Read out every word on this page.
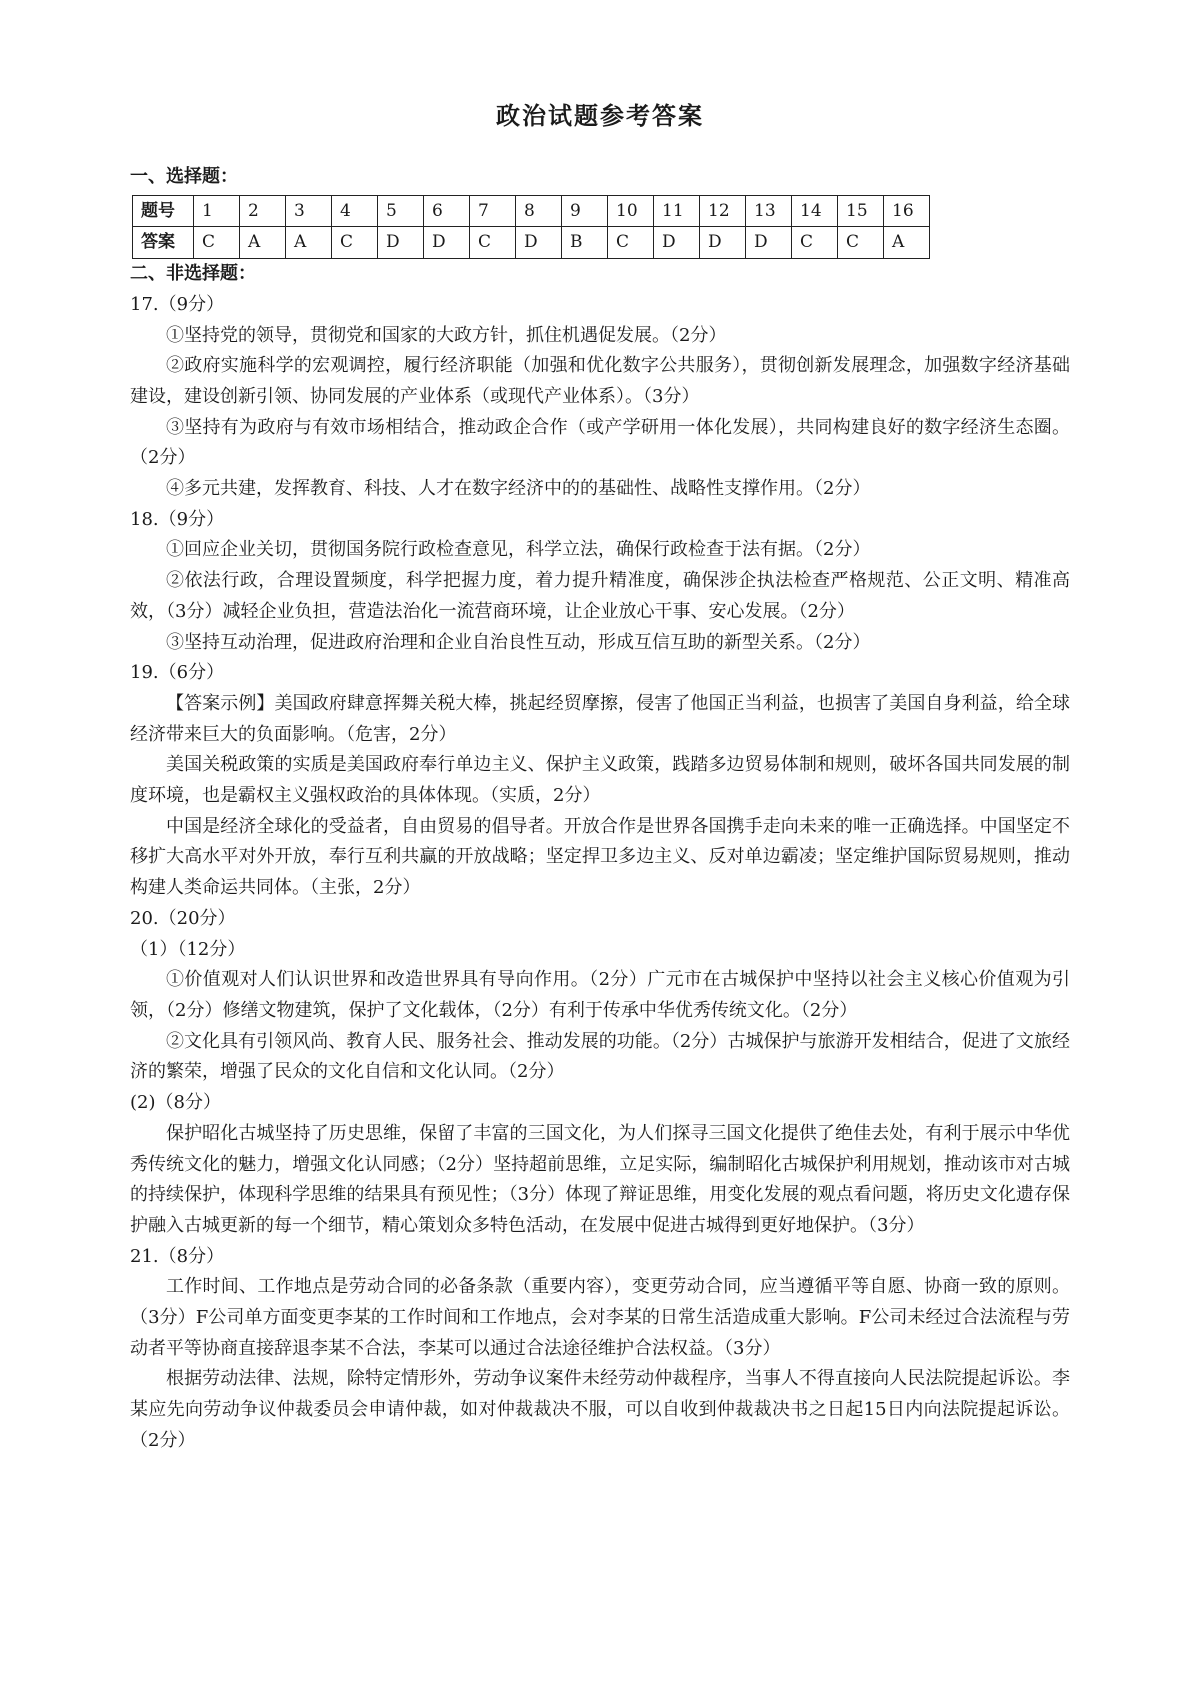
政治试题参考答案
一、选择题：
题号	1	2	3	4	5	6	7	8	9	10	11	12	13	14	15	16
答案	C	A	A	C	D	D	C	D	B	C	D	D	D	C	C	A
二、非选择题：
17.（9分）
①坚持党的领导，贯彻党和国家的大政方针，抓住机遇促发展。（2分）
②政府实施科学的宏观调控，履行经济职能（加强和优化数字公共服务），贯彻创新发展理念，加强数字经济基础建设，建设创新引领、协同发展的产业体系（或现代产业体系）。（3分）
③坚持有为政府与有效市场相结合，推动政企合作（或产学研用一体化发展），共同构建良好的数字经济生态圈。（2分）
④多元共建，发挥教育、科技、人才在数字经济中的的基础性、战略性支撑作用。（2分）
18.（9分）
①回应企业关切，贯彻国务院行政检查意见，科学立法，确保行政检查于法有据。（2分）
②依法行政，合理设置频度，科学把握力度，着力提升精准度，确保涉企执法检查严格规范、公正文明、精准高效，（3分）减轻企业负担，营造法治化一流营商环境，让企业放心干事、安心发展。（2分）
③坚持互动治理，促进政府治理和企业自治良性互动，形成互信互助的新型关系。（2分）
19.（6分）
【答案示例】美国政府肆意挥舞关税大棒，挑起经贸摩擦，侵害了他国正当利益，也损害了美国自身利益，给全球经济带来巨大的负面影响。（危害，2分）
美国关税政策的实质是美国政府奉行单边主义、保护主义政策，践踏多边贸易体制和规则，破坏各国共同发展的制度环境，也是霸权主义强权政治的具体体现。（实质，2分）
中国是经济全球化的受益者，自由贸易的倡导者。开放合作是世界各国携手走向未来的唯一正确选择。中国坚定不移扩大高水平对外开放，奉行互利共赢的开放战略；坚定捍卫多边主义、反对单边霸凌；坚定维护国际贸易规则，推动构建人类命运共同体。（主张，2分）
20.（20分）
（1）（12分）
①价值观对人们认识世界和改造世界具有导向作用。（2分）广元市在古城保护中坚持以社会主义核心价值观为引领，（2分）修缮文物建筑，保护了文化载体，（2分）有利于传承中华优秀传统文化。（2分）
②文化具有引领风尚、教育人民、服务社会、推动发展的功能。（2分）古城保护与旅游开发相结合，促进了文旅经济的繁荣，增强了民众的文化自信和文化认同。（2分）
(2)（8分）
保护昭化古城坚持了历史思维，保留了丰富的三国文化，为人们探寻三国文化提供了绝佳去处，有利于展示中华优秀传统文化的魅力，增强文化认同感；（2分）坚持超前思维，立足实际，编制昭化古城保护利用规划，推动该市对古城的持续保护，体现科学思维的结果具有预见性；（3分）体现了辩证思维，用变化发展的观点看问题，将历史文化遗存保护融入古城更新的每一个细节，精心策划众多特色活动，在发展中促进古城得到更好地保护。（3分）
21.（8分）
工作时间、工作地点是劳动合同的必备条款（重要内容），变更劳动合同，应当遵循平等自愿、协商一致的原则。（3分）F公司单方面变更李某的工作时间和工作地点，会对李某的日常生活造成重大影响。F公司未经过合法流程与劳动者平等协商直接辞退李某不合法，李某可以通过合法途径维护合法权益。（3分）
根据劳动法律、法规，除特定情形外，劳动争议案件未经劳动仲裁程序，当事人不得直接向人民法院提起诉讼。李某应先向劳动争议仲裁委员会申请仲裁，如对仲裁裁决不服，可以自收到仲裁裁决书之日起15日内向法院提起诉讼。（2分）
